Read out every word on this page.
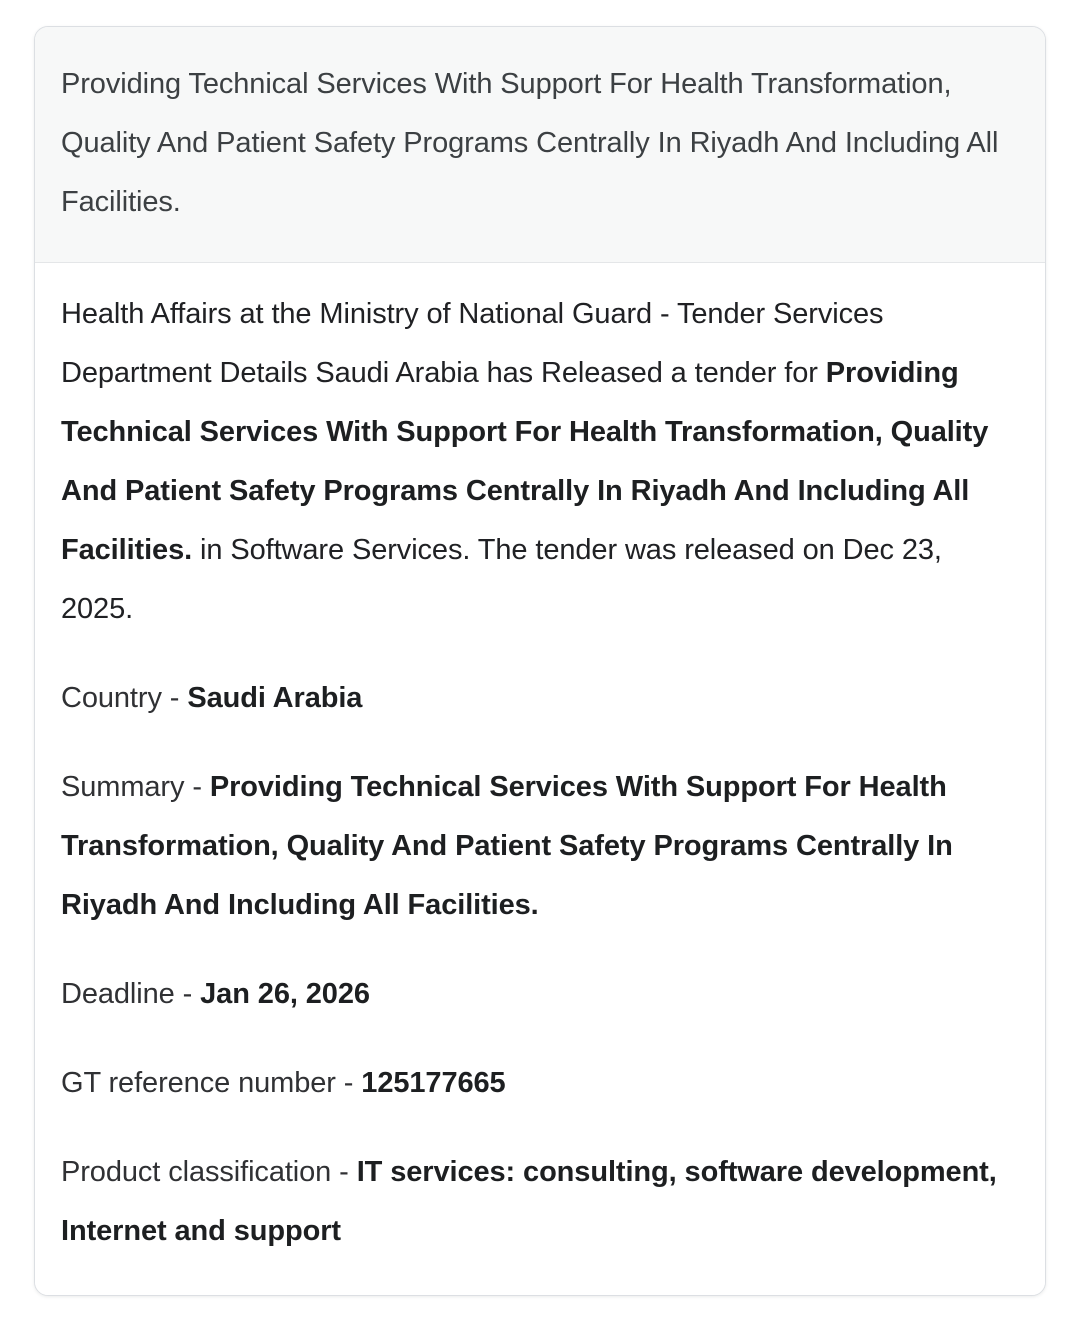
Providing Technical Services With Support For Health Transformation, Quality And Patient Safety Programs Centrally In Riyadh And Including All Facilities.

Health Affairs at the Ministry of National Guard - Tender Services Department Details Saudi Arabia has Released a tender for Providing Technical Services With Support For Health Transformation, Quality And Patient Safety Programs Centrally In Riyadh And Including All Facilities. in Software Services. The tender was released on Dec 23, 2025.

Country - Saudi Arabia

Summary - Providing Technical Services With Support For Health Transformation, Quality And Patient Safety Programs Centrally In Riyadh And Including All Facilities.

Deadline - Jan 26, 2026

GT reference number - 125177665

Product classification - IT services: consulting, software development, Internet and support
